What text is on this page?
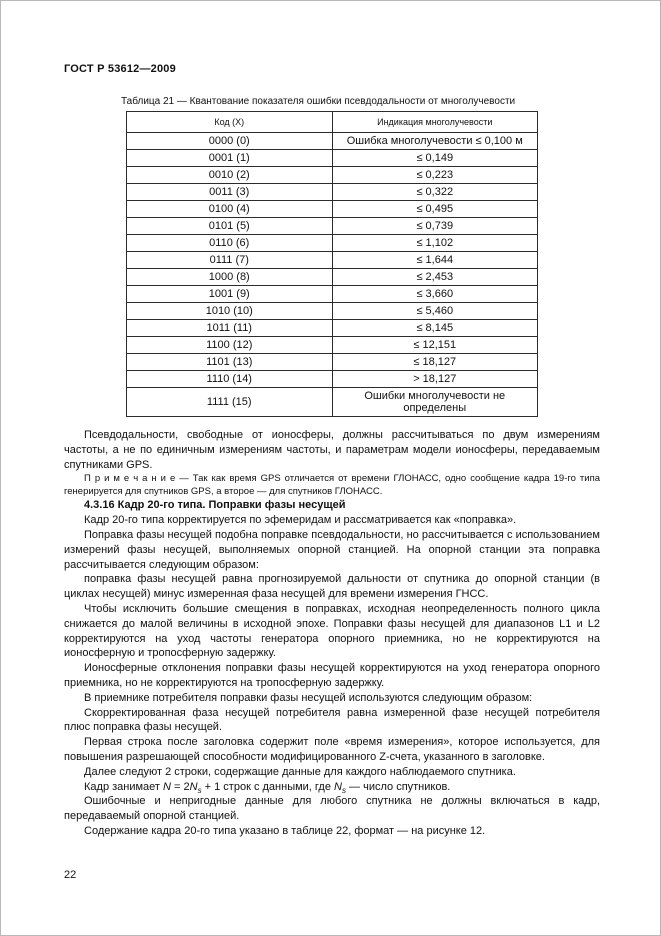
ГОСТ Р 53612—2009
Таблица 21 — Квантование показателя ошибки псевдодальности от многолучевости
Код (X)	Индикация многолучевости
0000 (0)	Ошибка многолучевости ≤ 0,100 м
0001 (1)	≤ 0,149
0010 (2)	≤ 0,223
0011 (3)	≤ 0,322
0100 (4)	≤ 0,495
0101 (5)	≤ 0,739
0110 (6)	≤ 1,102
0111 (7)	≤ 1,644
1000 (8)	≤ 2,453
1001 (9)	≤ 3,660
1010 (10)	≤ 5,460
1011 (11)	≤ 8,145
1100 (12)	≤ 12,151
1101 (13)	≤ 18,127
1110 (14)	> 18,127
1111 (15)	Ошибки многолучевости не определены

Псевдодальности, свободные от ионосферы, должны рассчитываться по двум измерениям частоты, а не по единичным измерениям частоты, и параметрам модели ионосферы, передаваемым спутниками GPS.

П р и м е ч а н и е — Так как время GPS отличается от времени ГЛОНАСС, одно сообщение кадра 19-го типа генерируется для спутников GPS, а второе — для спутников ГЛОНАСС.

4.3.16 Кадр 20-го типа. Поправки фазы несущей

Кадр 20-го типа корректируется по эфемеридам и рассматривается как «поправка».

Поправка фазы несущей подобна поправке псевдодальности, но рассчитывается с использованием измерений фазы несущей, выполняемых опорной станцией. На опорной станции эта поправка рассчитывается следующим образом:

поправка фазы несущей равна прогнозируемой дальности от спутника до опорной станции (в циклах несущей) минус измеренная фаза несущей для времени измерения ГНСС.

Чтобы исключить большие смещения в поправках, исходная неопределенность полного цикла снижается до малой величины в исходной эпохе. Поправки фазы несущей для диапазонов L1 и L2 корректируются на уход частоты генератора опорного приемника, но не корректируются на ионосферную и тропосферную задержку.

Ионосферные отклонения поправки фазы несущей корректируются на уход генератора опорного приемника, но не корректируются на тропосферную задержку.

В приемнике потребителя поправки фазы несущей используются следующим образом:

Скорректированная фаза несущей потребителя равна измеренной фазе несущей потребителя плюс поправка фазы несущей.

Первая строка после заголовка содержит поле «время измерения», которое используется, для повышения разрешающей способности модифицированного Z-счета, указанного в заголовке.

Далее следуют 2 строки, содержащие данные для каждого наблюдаемого спутника.

Кадр занимает $N = 2N_s + 1$ строк с данными, где $N_s$ — число спутников.

Ошибочные и непригодные данные для любого спутника не должны включаться в кадр, передаваемый опорной станцией.

Содержание кадра 20-го типа указано в таблице 22, формат — на рисунке 12.

22
